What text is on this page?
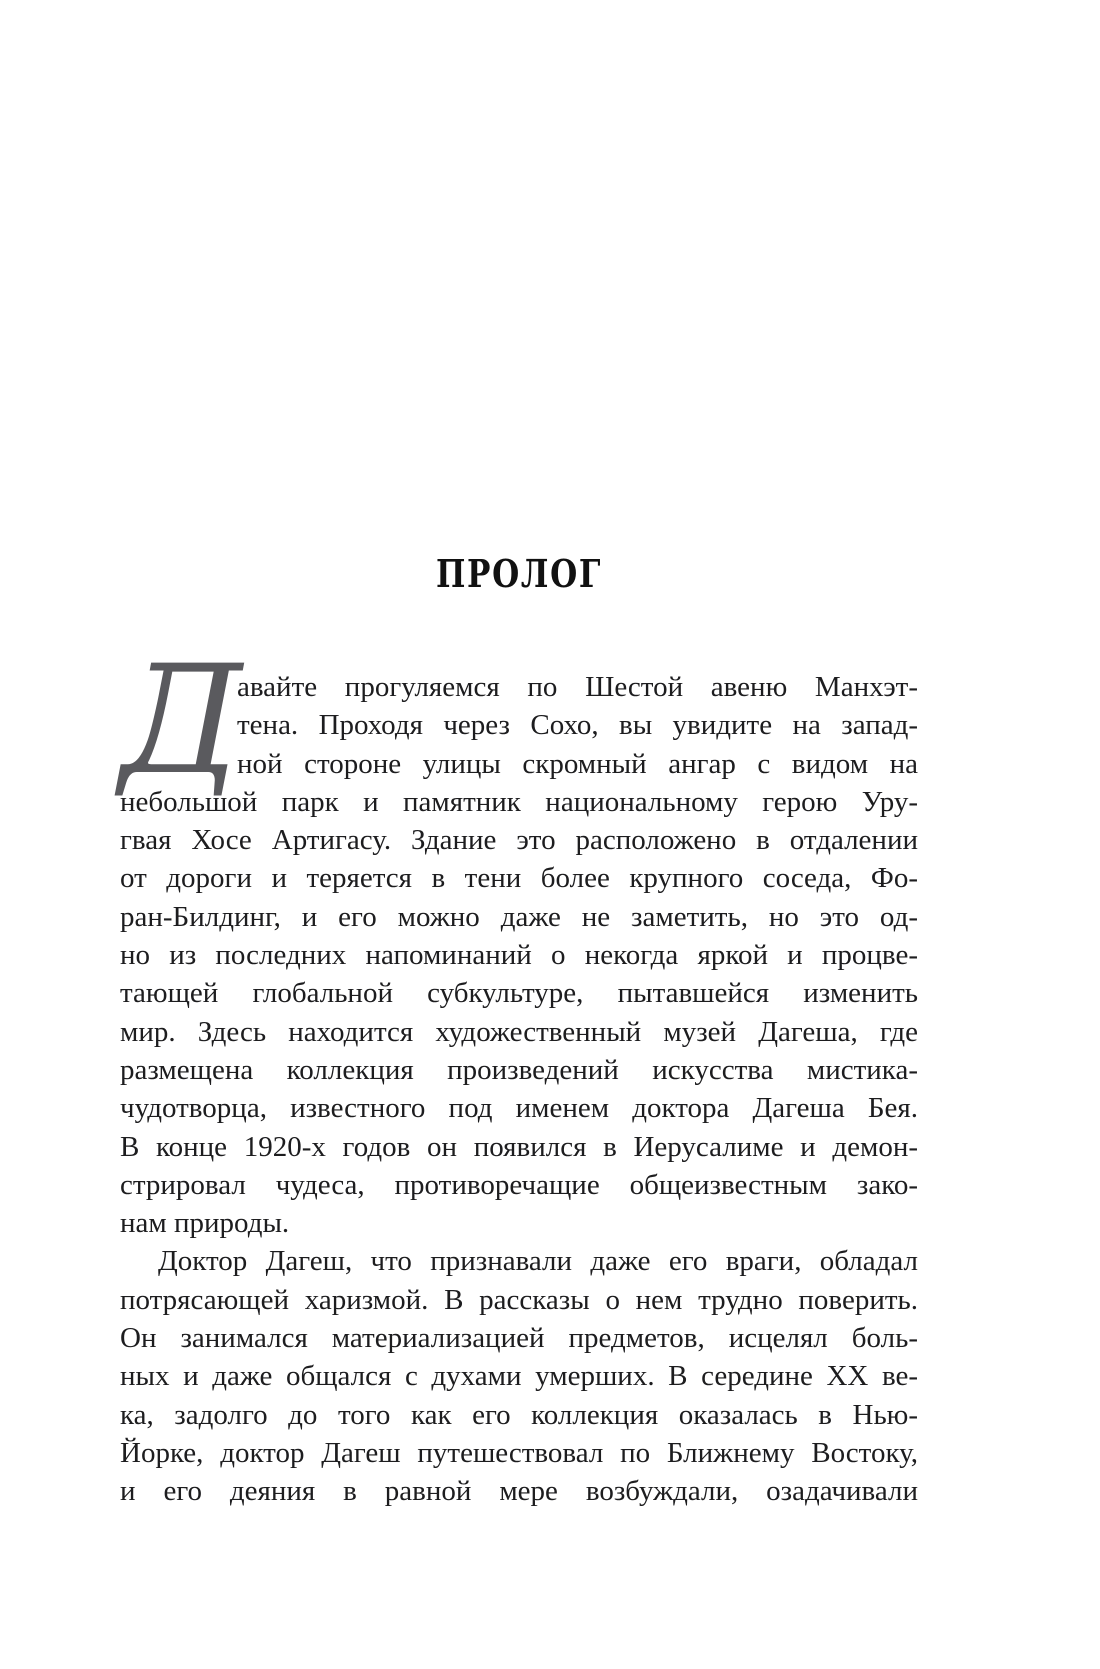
ПРОЛОГ
Д
авайте прогуляемся по Шестой авеню Манхэт-
тена. Проходя через Сохо, вы увидите на запад-
ной стороне улицы скромный ангар с видом на
небольшой парк и памятник национальному герою Уру-
гвая Хосе Артигасу. Здание это расположено в отдалении
от дороги и теряется в тени более крупного соседа, Фо-
ран-Билдинг, и его можно даже не заметить, но это од-
но из последних напоминаний о некогда яркой и процве-
тающей глобальной субкультуре, пытавшейся изменить
мир. Здесь находится художественный музей Дагеша, где
размещена коллекция произведений искусства мистика-
чудотворца, известного под именем доктора Дагеша Бея.
В конце 1920-х годов он появился в Иерусалиме и демон-
стрировал чудеса, противоречащие общеизвестным зако-
нам природы.
Доктор Дагеш, что признавали даже его враги, обладал
потрясающей харизмой. В рассказы о нем трудно поверить.
Он занимался материализацией предметов, исцелял боль-
ных и даже общался с духами умерших. В середине XX ве-
ка, задолго до того как его коллекция оказалась в Нью-
Йорке, доктор Дагеш путешествовал по Ближнему Востоку,
и его деяния в равной мере возбуждали, озадачивали
